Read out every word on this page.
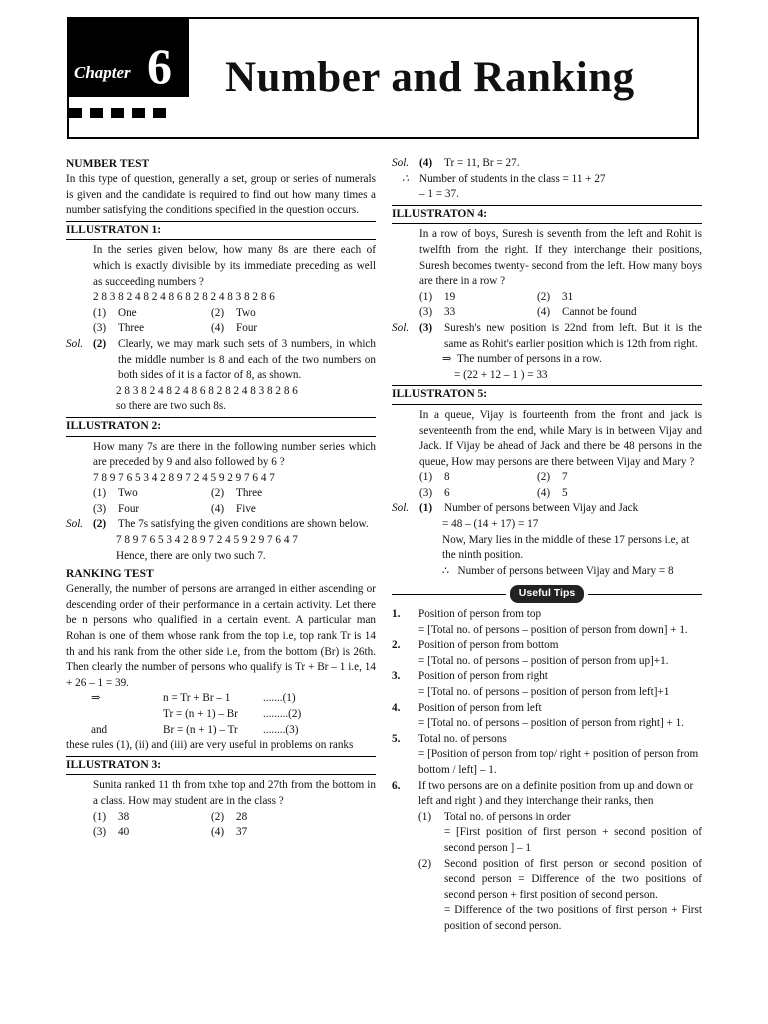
Chapter 6 Number and Ranking
NUMBER TEST
In this type of question, generally a set, group or series of numerals is given and the candidate is required to find out how many times a number satisfying the conditions specified in the question occurs.
ILLUSTRATON 1:
In the series given below, how many 8s are there each of which is exactly divisible by its immediate preceding as well as succeeding numbers ?
2 8 3 8 2 4 8 2 4 8 6 8 2 8 2 4 8 3 8 2 8 6
(1) One	(2) Two
(3) Three	(4) Four
Sol. (2)	Clearly, we may mark such sets of 3 numbers, in which the middle number is 8 and each of the two numbers on both sides of it is a factor of 8, as shown.
2 8 3 8 2 4 8 2 4 8 6 8 2 8 2 4 8 3 8 2 8 6
so there are two such 8s.
ILLUSTRATON 2:
How many 7s are there in the following number series which are preceded by 9 and also followed by 6 ?
7 8 9 7 6 5 3 4 2 8 9 7 2 4 5 9 2 9 7 6 4 7
(1) Two	(2) Three
(3) Four	(4) Five
Sol. (2)	The 7s satisfying the given conditions are shown below.
7 8 9 7 6 5 3 4 2 8 9 7 2 4 5 9 2 9 7 6 4 7
Hence, there are only two such 7.
RANKING TEST
Generally, the number of persons are arranged in either ascending or descending order of their performance in a certain activity. Let there be n persons who qualified in a certain event. A particular man Rohan is one of them whose rank from the top i.e, top rank Tr is 14 th and his rank from the other side i.e, from the bottom (Br) is 26th. Then clearly the number of persons who qualify is Tr + Br – 1 i.e, 14 + 26 – 1 = 39.
⇒	n = Tr + Br – 1	.......(1)
Tr = (n + 1) – Br	.........(2)
and	Br = (n + 1) – Tr	........(3)
these rules (1), (ii) and (iii) are very useful in problems on ranks
ILLUSTRATON 3:
Sunita ranked 11 th from txhe top and 27th from the bottom in a class. How may student are in the class ?
(1) 38	(2) 28
(3) 40	(4) 37
Sol. (4)	Tr = 11, Br = 27.
∴ Number of students in the class = 11 + 27
– 1 = 37.
ILLUSTRATON 4:
In a row of boys, Suresh is seventh from the left and Rohit is twelfth from the right. If they interchange their positions, Suresh becomes twenty- second from the left. How many boys are there in a row ?
(1) 19	(2) 31
(3) 33	(4) Cannot be found
Sol. (3)	Suresh's new position is 22nd from left. But it is the same as Rohit's earlier position which is 12th from right.
⇒ The number of persons in a row.
= (22 + 12 – 1 ) = 33
ILLUSTRATON 5:
In a queue, Vijay is fourteenth from the front and jack is seventeenth from the end, while Mary is in between Vijay and Jack. If Vijay be ahead of Jack and there be 48 persons in the queue, How may persons are there between Vijay and Mary ?
(1) 8	(2) 7
(3) 6	(4) 5
Sol. (1)	Number of persons between Vijay and Jack
= 48 – (14 + 17) = 17
Now, Mary lies in the middle of these 17 persons i.e, at the ninth position.
∴ Number of persons between Vijay and Mary = 8
Useful Tips
1.	Position of person from top
= [Total no. of persons – position of person from down] + 1.
2.	Position of person from bottom
= [Total no. of persons – position of person from up]+1.
3.	Position of person from right
= [Total no. of persons – position of person from left]+1
4.	Position of person from left
= [Total no. of persons – position of person from right] + 1.
5.	Total no. of persons
= [Position of person from top/ right + position of person from bottom / left] – 1.
6.	If two persons are on a definite position from up and down or left and right ) and they interchange their ranks, then
(1)	Total no. of persons in order
= [First position of first person + second position of second person ] – 1
(2)	Second position of first person or second position of second person = Difference of the two positions of second person + first position of second person.
= Difference of the two positions of first person + First position of second person.
